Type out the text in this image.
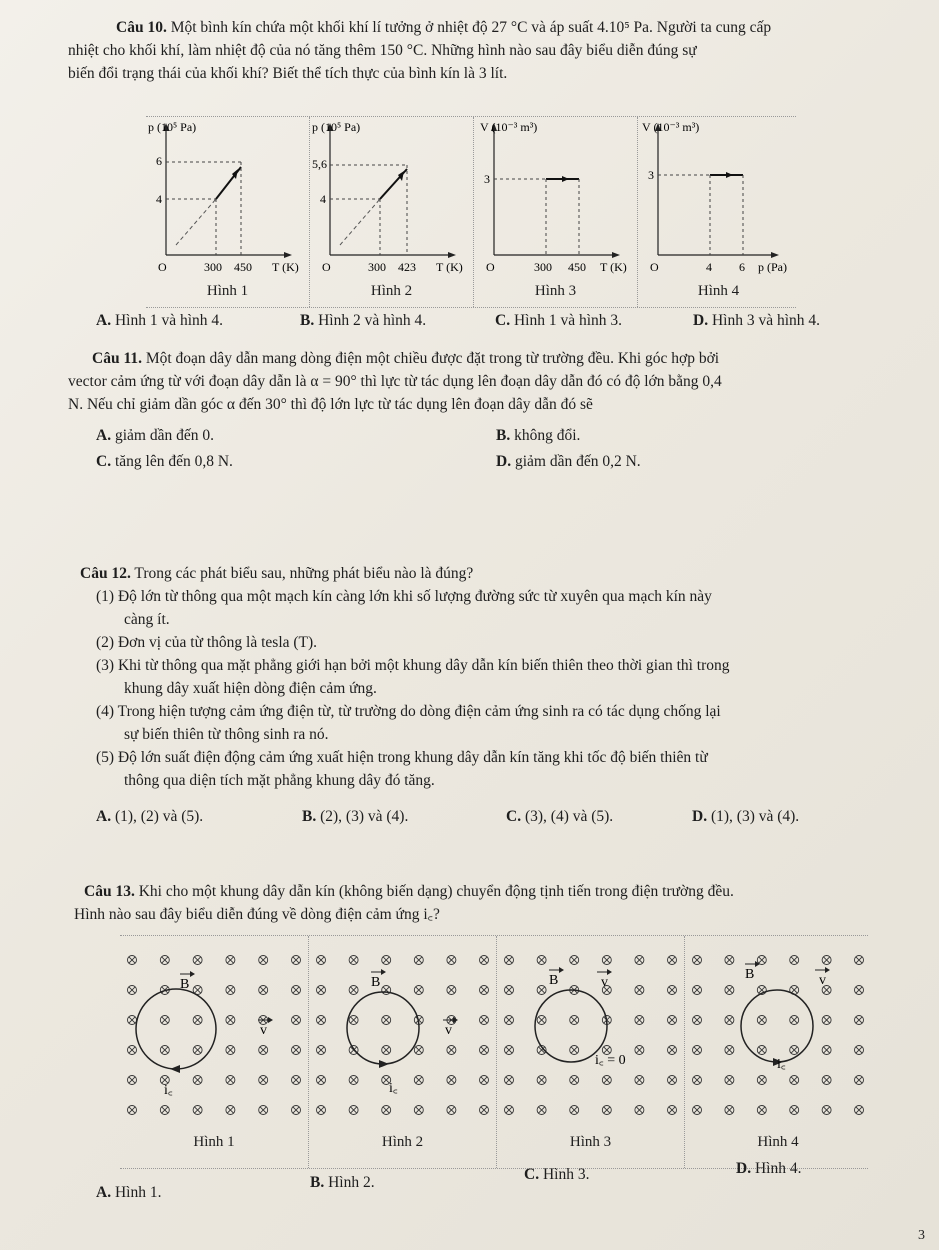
Câu 10. Một bình kín chứa một khối khí lí tưởng ở nhiệt độ 27 °C và áp suất 4.10⁵ Pa. Người ta cung cấp
nhiệt cho khối khí, làm nhiệt độ của nó tăng thêm 150 °C. Những hình nào sau đây biểu diễn đúng sự
biến đổi trạng thái của khối khí? Biết thể tích thực của bình kín là 3 lít.
p (10⁵ Pa)
6
4
O	300 450 T (K)
Hình 1
p (10⁵ Pa)
5,6
4
O	300 423 T (K)
Hình 2
V (10⁻³ m³)
3
O	300 450 T (K)
Hình 3
V (10⁻³ m³)
3
O	4 6 p (Pa)
Hình 4
A. Hình 1 và hình 4.	B. Hình 2 và hình 4.	C. Hình 1 và hình 3.	D. Hình 3 và hình 4.
Câu 11. Một đoạn dây dẫn mang dòng điện một chiều được đặt trong từ trường đều. Khi góc hợp bởi
vector cảm ứng từ với đoạn dây dẫn là α = 90° thì lực từ tác dụng lên đoạn dây dẫn đó có độ lớn bằng 0,4
N. Nếu chỉ giảm dần góc α đến 30° thì độ lớn lực từ tác dụng lên đoạn dây dẫn đó sẽ
A. giảm dần đến 0.	B. không đổi.
C. tăng lên đến 0,8 N.	D. giảm dần đến 0,2 N.
Câu 12. Trong các phát biểu sau, những phát biểu nào là đúng?
(1) Độ lớn từ thông qua một mạch kín càng lớn khi số lượng đường sức từ xuyên qua mạch kín này
càng ít.
(2) Đơn vị của từ thông là tesla (T).
(3) Khi từ thông qua mặt phẳng giới hạn bởi một khung dây dẫn kín biến thiên theo thời gian thì trong
khung dây xuất hiện dòng điện cảm ứng.
(4) Trong hiện tượng cảm ứng điện từ, từ trường do dòng điện cảm ứng sinh ra có tác dụng chống lại
sự biến thiên từ thông sinh ra nó.
(5) Độ lớn suất điện động cảm ứng xuất hiện trong khung dây dẫn kín tăng khi tốc độ biến thiên từ
thông qua diện tích mặt phẳng khung dây đó tăng.
A. (1), (2) và (5).	B. (2), (3) và (4).	C. (3), (4) và (5).	D. (1), (3) và (4).
Câu 13. Khi cho một khung dây dẫn kín (không biến dạng) chuyển động tịnh tiến trong điện trường đều.
Hình nào sau đây biểu diễn đúng về dòng điện cảm ứng i꜀?
B
v
i꜀
Hình 1
B
v
i꜀
Hình 2
B	v
i꜀ = 0
Hình 3
B	v
i꜀
Hình 4
A. Hình 1.
B. Hình 2.	C. Hình 3.	D. Hình 4.
3
